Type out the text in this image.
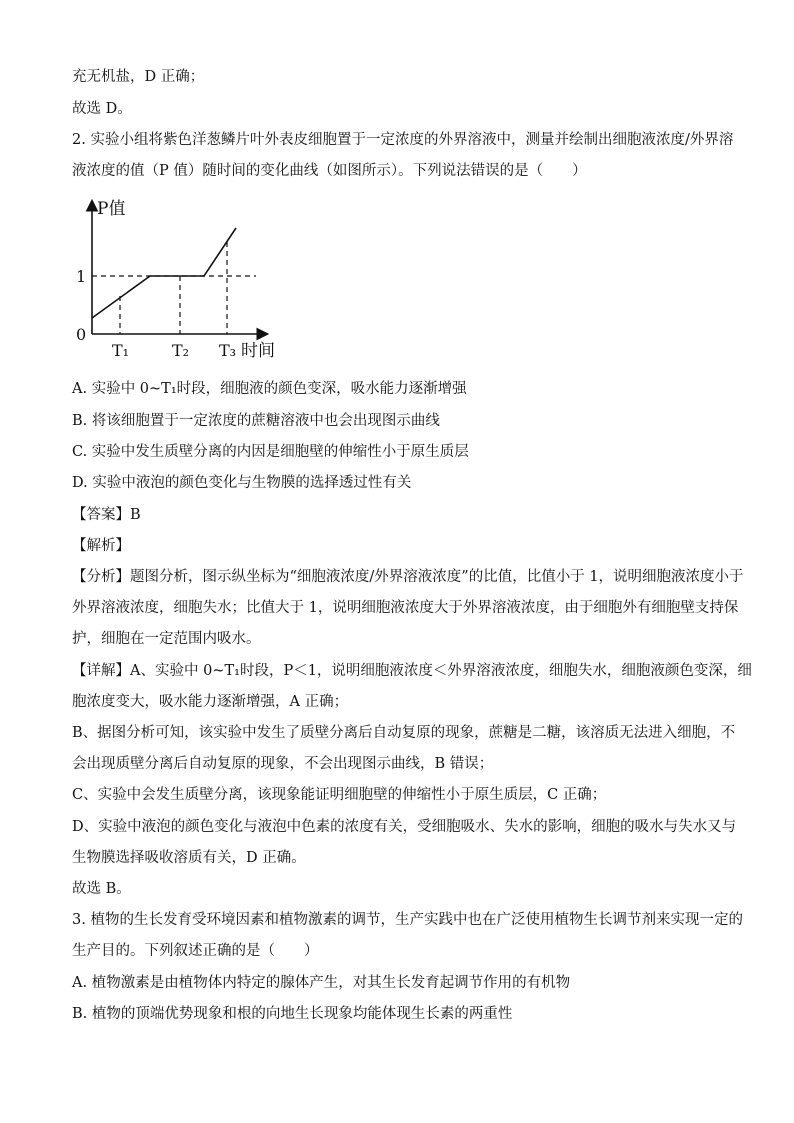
充无机盐，D 正确；
故选 D。
2. 实验小组将紫色洋葱鳞片叶外表皮细胞置于一定浓度的外界溶液中，测量并绘制出细胞液浓度/外界溶
液浓度的值（P 值）随时间的变化曲线（如图所示）。下列说法错误的是（　　）
P值
1
0
T₁	T₂ T₃ 时间
A. 实验中 0~T₁时段，细胞液的颜色变深，吸水能力逐渐增强
B. 将该细胞置于一定浓度的蔗糖溶液中也会出现图示曲线
C. 实验中发生质壁分离的内因是细胞壁的伸缩性小于原生质层
D. 实验中液泡的颜色变化与生物膜的选择透过性有关
【答案】B
【解析】
【分析】题图分析，图示纵坐标为“细胞液浓度/外界溶液浓度”的比值，比值小于 1，说明细胞液浓度小于
外界溶液浓度，细胞失水；比值大于 1，说明细胞液浓度大于外界溶液浓度，由于细胞外有细胞壁支持保
护，细胞在一定范围内吸水。
【详解】A、实验中 0~T₁时段，P＜1，说明细胞液浓度＜外界溶液浓度，细胞失水，细胞液颜色变深，细
胞浓度变大，吸水能力逐渐增强，A 正确；
B、据图分析可知，该实验中发生了质壁分离后自动复原的现象，蔗糖是二糖，该溶质无法进入细胞，不
会出现质壁分离后自动复原的现象，不会出现图示曲线，B 错误；
C、实验中会发生质壁分离，该现象能证明细胞壁的伸缩性小于原生质层，C 正确；
D、实验中液泡的颜色变化与液泡中色素的浓度有关，受细胞吸水、失水的影响，细胞的吸水与失水又与
生物膜选择吸收溶质有关，D 正确。
故选 B。
3. 植物的生长发育受环境因素和植物激素的调节，生产实践中也在广泛使用植物生长调节剂来实现一定的
生产目的。下列叙述正确的是（　　）
A. 植物激素是由植物体内特定的腺体产生，对其生长发育起调节作用的有机物
B. 植物的顶端优势现象和根的向地生长现象均能体现生长素的两重性
